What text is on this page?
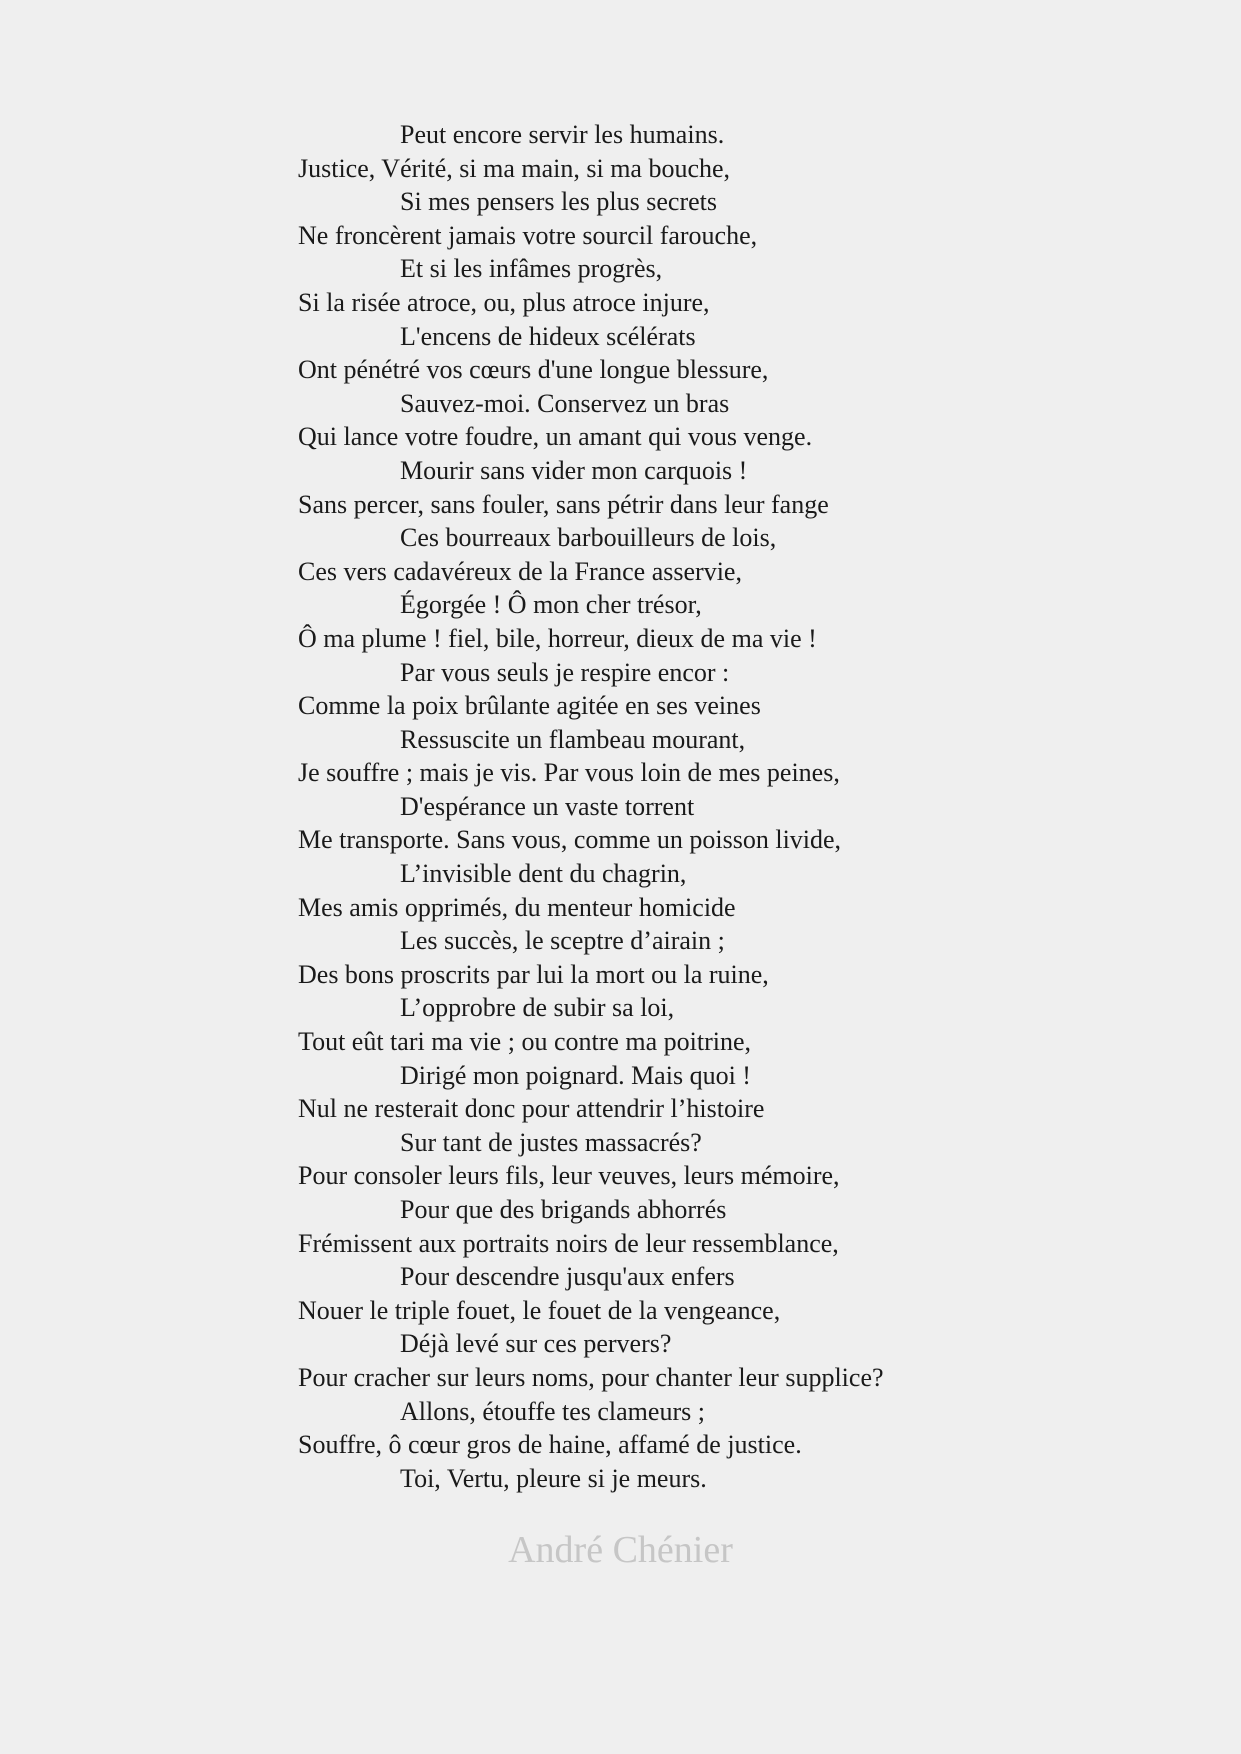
Peut encore servir les humains.
Justice, Vérité, si ma main, si ma bouche,
Si mes pensers les plus secrets
Ne froncèrent jamais votre sourcil farouche,
Et si les infâmes progrès,
Si la risée atroce, ou, plus atroce injure,
L'encens de hideux scélérats
Ont pénétré vos cœurs d'une longue blessure,
Sauvez-moi. Conservez un bras
Qui lance votre foudre, un amant qui vous venge.
Mourir sans vider mon carquois !
Sans percer, sans fouler, sans pétrir dans leur fange
Ces bourreaux barbouilleurs de lois,
Ces vers cadavéreux de la France asservie,
Égorgée ! Ô mon cher trésor,
Ô ma plume ! fiel, bile, horreur, dieux de ma vie !
Par vous seuls je respire encor :
Comme la poix brûlante agitée en ses veines
Ressuscite un flambeau mourant,
Je souffre ; mais je vis. Par vous loin de mes peines,
D'espérance un vaste torrent
Me transporte. Sans vous, comme un poisson livide,
L’invisible dent du chagrin,
Mes amis opprimés, du menteur homicide
Les succès, le sceptre d’airain ;
Des bons proscrits par lui la mort ou la ruine,
L’opprobre de subir sa loi,
Tout eût tari ma vie ; ou contre ma poitrine,
Dirigé mon poignard. Mais quoi !
Nul ne resterait donc pour attendrir l’histoire
Sur tant de justes massacrés?
Pour consoler leurs fils, leur veuves, leurs mémoire,
Pour que des brigands abhorrés
Frémissent aux portraits noirs de leur ressemblance,
Pour descendre jusqu'aux enfers
Nouer le triple fouet, le fouet de la vengeance,
Déjà levé sur ces pervers?
Pour cracher sur leurs noms, pour chanter leur supplice?
Allons, étouffe tes clameurs ;
Souffre, ô cœur gros de haine, affamé de justice.
Toi, Vertu, pleure si je meurs.
André Chénier
